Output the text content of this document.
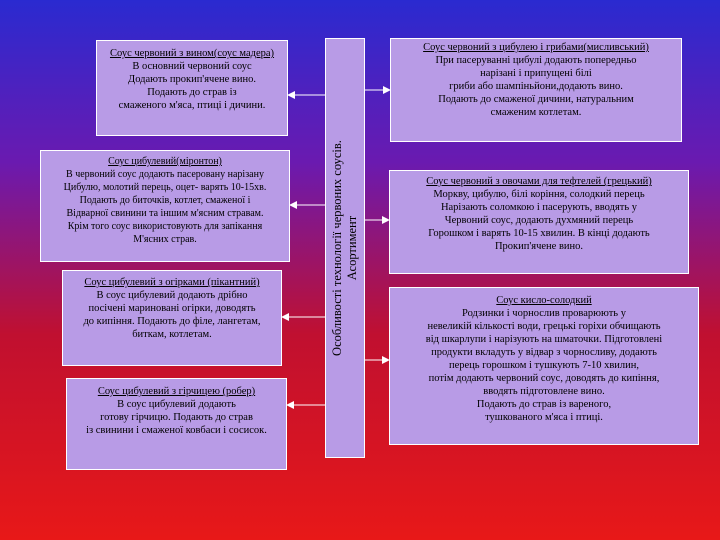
Соус червоний з вином(соус мадера)
В основний червоний соус
Додають прокип'ячене вино.
Подають до страв із
смаженого м'яса, птиці і дичини.
Соус цибулевий(міронтон)
В червоний соус додають пасеровану нарізану
Цибулю, молотий перець, оцет- варять 10-15хв.
Подають до биточків, котлет, смаженої і
Відварної свинини та іншим м'ясним стравам.
Крім того соус використовують для запікання
М'ясних страв.
Соус цибулевий з огірками (пікантний)
В соус цибулевий додають дрібно
посічені мариновані огірки, доводять
до кипіння. Подають до філе, лангетам,
биткам, котлетам.
Соус цибулевий з гірчицею (робер)
В соус цибулевий додають
готову гірчицю. Подають до страв
із свинини і смаженої ковбаси і сосисок.
Особливості технології червоних соусів. Асортимент
Соус червоний з цибулею і грибами(мисливський)
При пасеруванні цибулі додають попередньо
нарізані і припущені білі
гриби або шампіньйони,додають вино.
Подають до смаженої дичини, натуральним
смаженим котлетам.
Соус червоний з овочами для тефтелей (грецький)
Моркву, цибулю, білі коріння, солодкий перець
Нарізають соломкою і пасерують, вводять у
Червоний соус, додають духмяний перець
Горошком і варять 10-15 хвилин. В кінці додають
Прокип'ячене вино.
Соус кисло-солодкий
Родзинки і чорнослив проварюють у
невеликій кількості води, грецькі горіхи обчищають
від шкарлупи і нарізують на шматочки. Підготовлені
продукти вкладуть у відвар з чорносливу, додають
перець горошком і тушкують 7-10 хвилин,
потім додають червоний соус, доводять до кипіння,
вводять підготовлене вино.
Подають до страв із вареного,
тушкованого м'яса і птиці.
